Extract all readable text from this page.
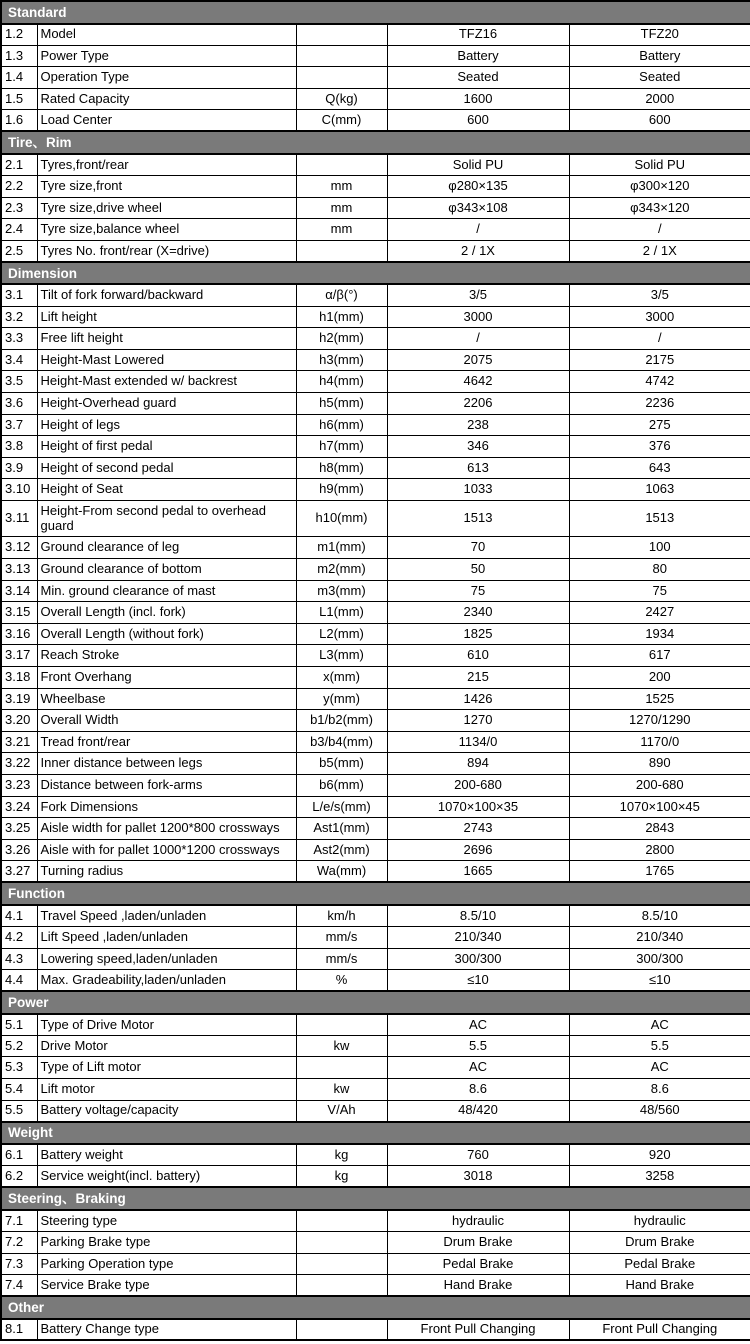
Standard				
1.2	Model		TFZ16	TFZ20
1.3	Power Type		Battery	Battery
1.4	Operation Type		Seated	Seated
1.5	Rated Capacity	Q(kg)	1600	2000
1.6	Load Center	C(mm)	600	600
Tire、Rim				
2.1	Tyres,front/rear		Solid PU	Solid PU
2.2	Tyre size,front	mm	φ280×135	φ300×120
2.3	Tyre size,drive wheel	mm	φ343×108	φ343×120
2.4	Tyre size,balance wheel	mm	/	/
2.5	Tyres No. front/rear (X=drive)		2 / 1X	2 / 1X
Dimension				
3.1	Tilt of fork forward/backward	α/β(°)	3/5	3/5
3.2	Lift height	h1(mm)	3000	3000
3.3	Free lift height	h2(mm)	/	/
3.4	Height-Mast Lowered	h3(mm)	2075	2175
3.5	Height-Mast extended w/ backrest	h4(mm)	4642	4742
3.6	Height-Overhead guard	h5(mm)	2206	2236
3.7	Height of legs	h6(mm)	238	275
3.8	Height of first pedal	h7(mm)	346	376
3.9	Height of second pedal	h8(mm)	613	643
3.10	Height of Seat	h9(mm)	1033	1063
3.11	Height-From second pedal to overhead guard	h10(mm)	1513	1513
3.12	Ground clearance of leg	m1(mm)	70	100
3.13	Ground clearance of bottom	m2(mm)	50	80
3.14	Min. ground clearance of mast	m3(mm)	75	75
3.15	Overall Length (incl. fork)	L1(mm)	2340	2427
3.16	Overall Length (without fork)	L2(mm)	1825	1934
3.17	Reach Stroke	L3(mm)	610	617
3.18	Front Overhang	x(mm)	215	200
3.19	Wheelbase	y(mm)	1426	1525
3.20	Overall Width	b1/b2(mm)	1270	1270/1290
3.21	Tread front/rear	b3/b4(mm)	1134/0	1170/0
3.22	Inner distance between legs	b5(mm)	894	890
3.23	Distance between fork-arms	b6(mm)	200-680	200-680
3.24	Fork Dimensions	L/e/s(mm)	1070×100×35	1070×100×45
3.25	Aisle width for pallet 1200*800 crossways	Ast1(mm)	2743	2843
3.26	Aisle with for pallet 1000*1200 crossways	Ast2(mm)	2696	2800
3.27	Turning radius	Wa(mm)	1665	1765
Function				
4.1	Travel Speed ,laden/unladen	km/h	8.5/10	8.5/10
4.2	Lift Speed ,laden/unladen	mm/s	210/340	210/340
4.3	Lowering speed,laden/unladen	mm/s	300/300	300/300
4.4	Max. Gradeability,laden/unladen	%	≤10	≤10
Power				
5.1	Type of Drive Motor		AC	AC
5.2	Drive Motor	kw	5.5	5.5
5.3	Type of Lift motor		AC	AC
5.4	Lift motor	kw	8.6	8.6
5.5	Battery voltage/capacity	V/Ah	48/420	48/560
Weight				
6.1	Battery weight	kg	760	920
6.2	Service weight(incl. battery)	kg	3018	3258
Steering、Braking				
7.1	Steering type		hydraulic	hydraulic
7.2	Parking Brake type		Drum Brake	Drum Brake
7.3	Parking Operation type		Pedal Brake	Pedal Brake
7.4	Service Brake type		Hand Brake	Hand Brake
Other				
8.1	Battery Change type		Front Pull Changing	Front Pull Changing
